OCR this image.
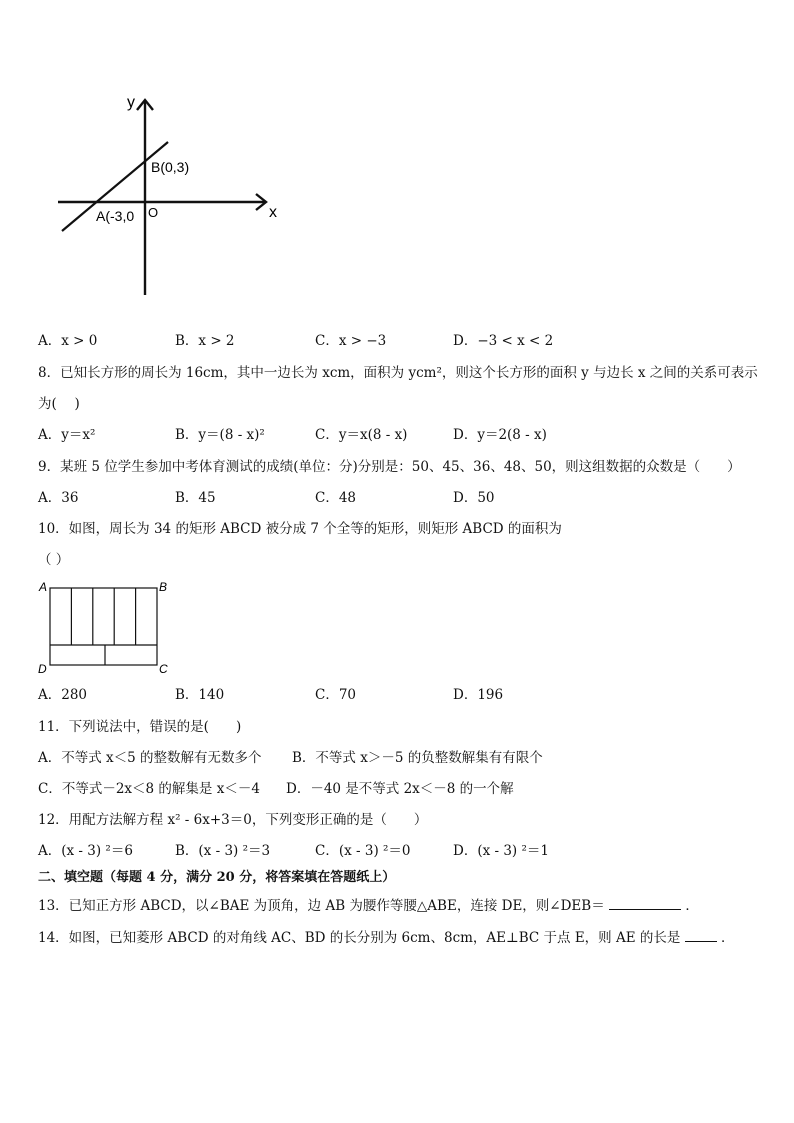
y
x
O
B(0,3)
A(-3,0
A．x > 0	B．x > 2	C．x > −3	D．−3 < x < 2
8．已知长方形的周长为 16cm，其中一边长为 xcm，面积为 ycm²，则这个长方形的面积 y 与边长 x 之间的关系可表示
为(　 )
A．y＝x²	B．y＝(8 - x)²	C．y＝x(8 - x)	D．y＝2(8 - x)
9．某班 5 位学生参加中考体育测试的成绩(单位：分)分别是：50、45、36、48、50，则这组数据的众数是（　　）
A．36	B．45	C．48	D．50
10．如图，周长为 34 的矩形 ABCD 被分成 7 个全等的矩形，则矩形 ABCD 的面积为
（ ）
A	B
D	C
A．280	B．140	C．70	D．196
11．下列说法中，错误的是(　　)
A．不等式 x＜5 的整数解有无数多个 B．不等式 x＞－5 的负整数解集有有限个
C．不等式－2x＜8 的解集是 x＜－4 D．－40 是不等式 2x＜－8 的一个解
12．用配方法解方程 x² - 6x+3＝0，下列变形正确的是（　　）
A．(x - 3) ²＝6	B．(x - 3) ²＝3	C．(x - 3) ²＝0	D．(x - 3) ²＝1
二、填空题（每题 4 分，满分 20 分，将答案填在答题纸上）
13．已知正方形 ABCD，以∠BAE 为顶角，边 AB 为腰作等腰△ABE，连接 DE，则∠DEB＝	．
14．如图，已知菱形 ABCD 的对角线 AC、BD 的长分别为 6cm、8cm，AE⊥BC 于点 E，则 AE 的长是	．
